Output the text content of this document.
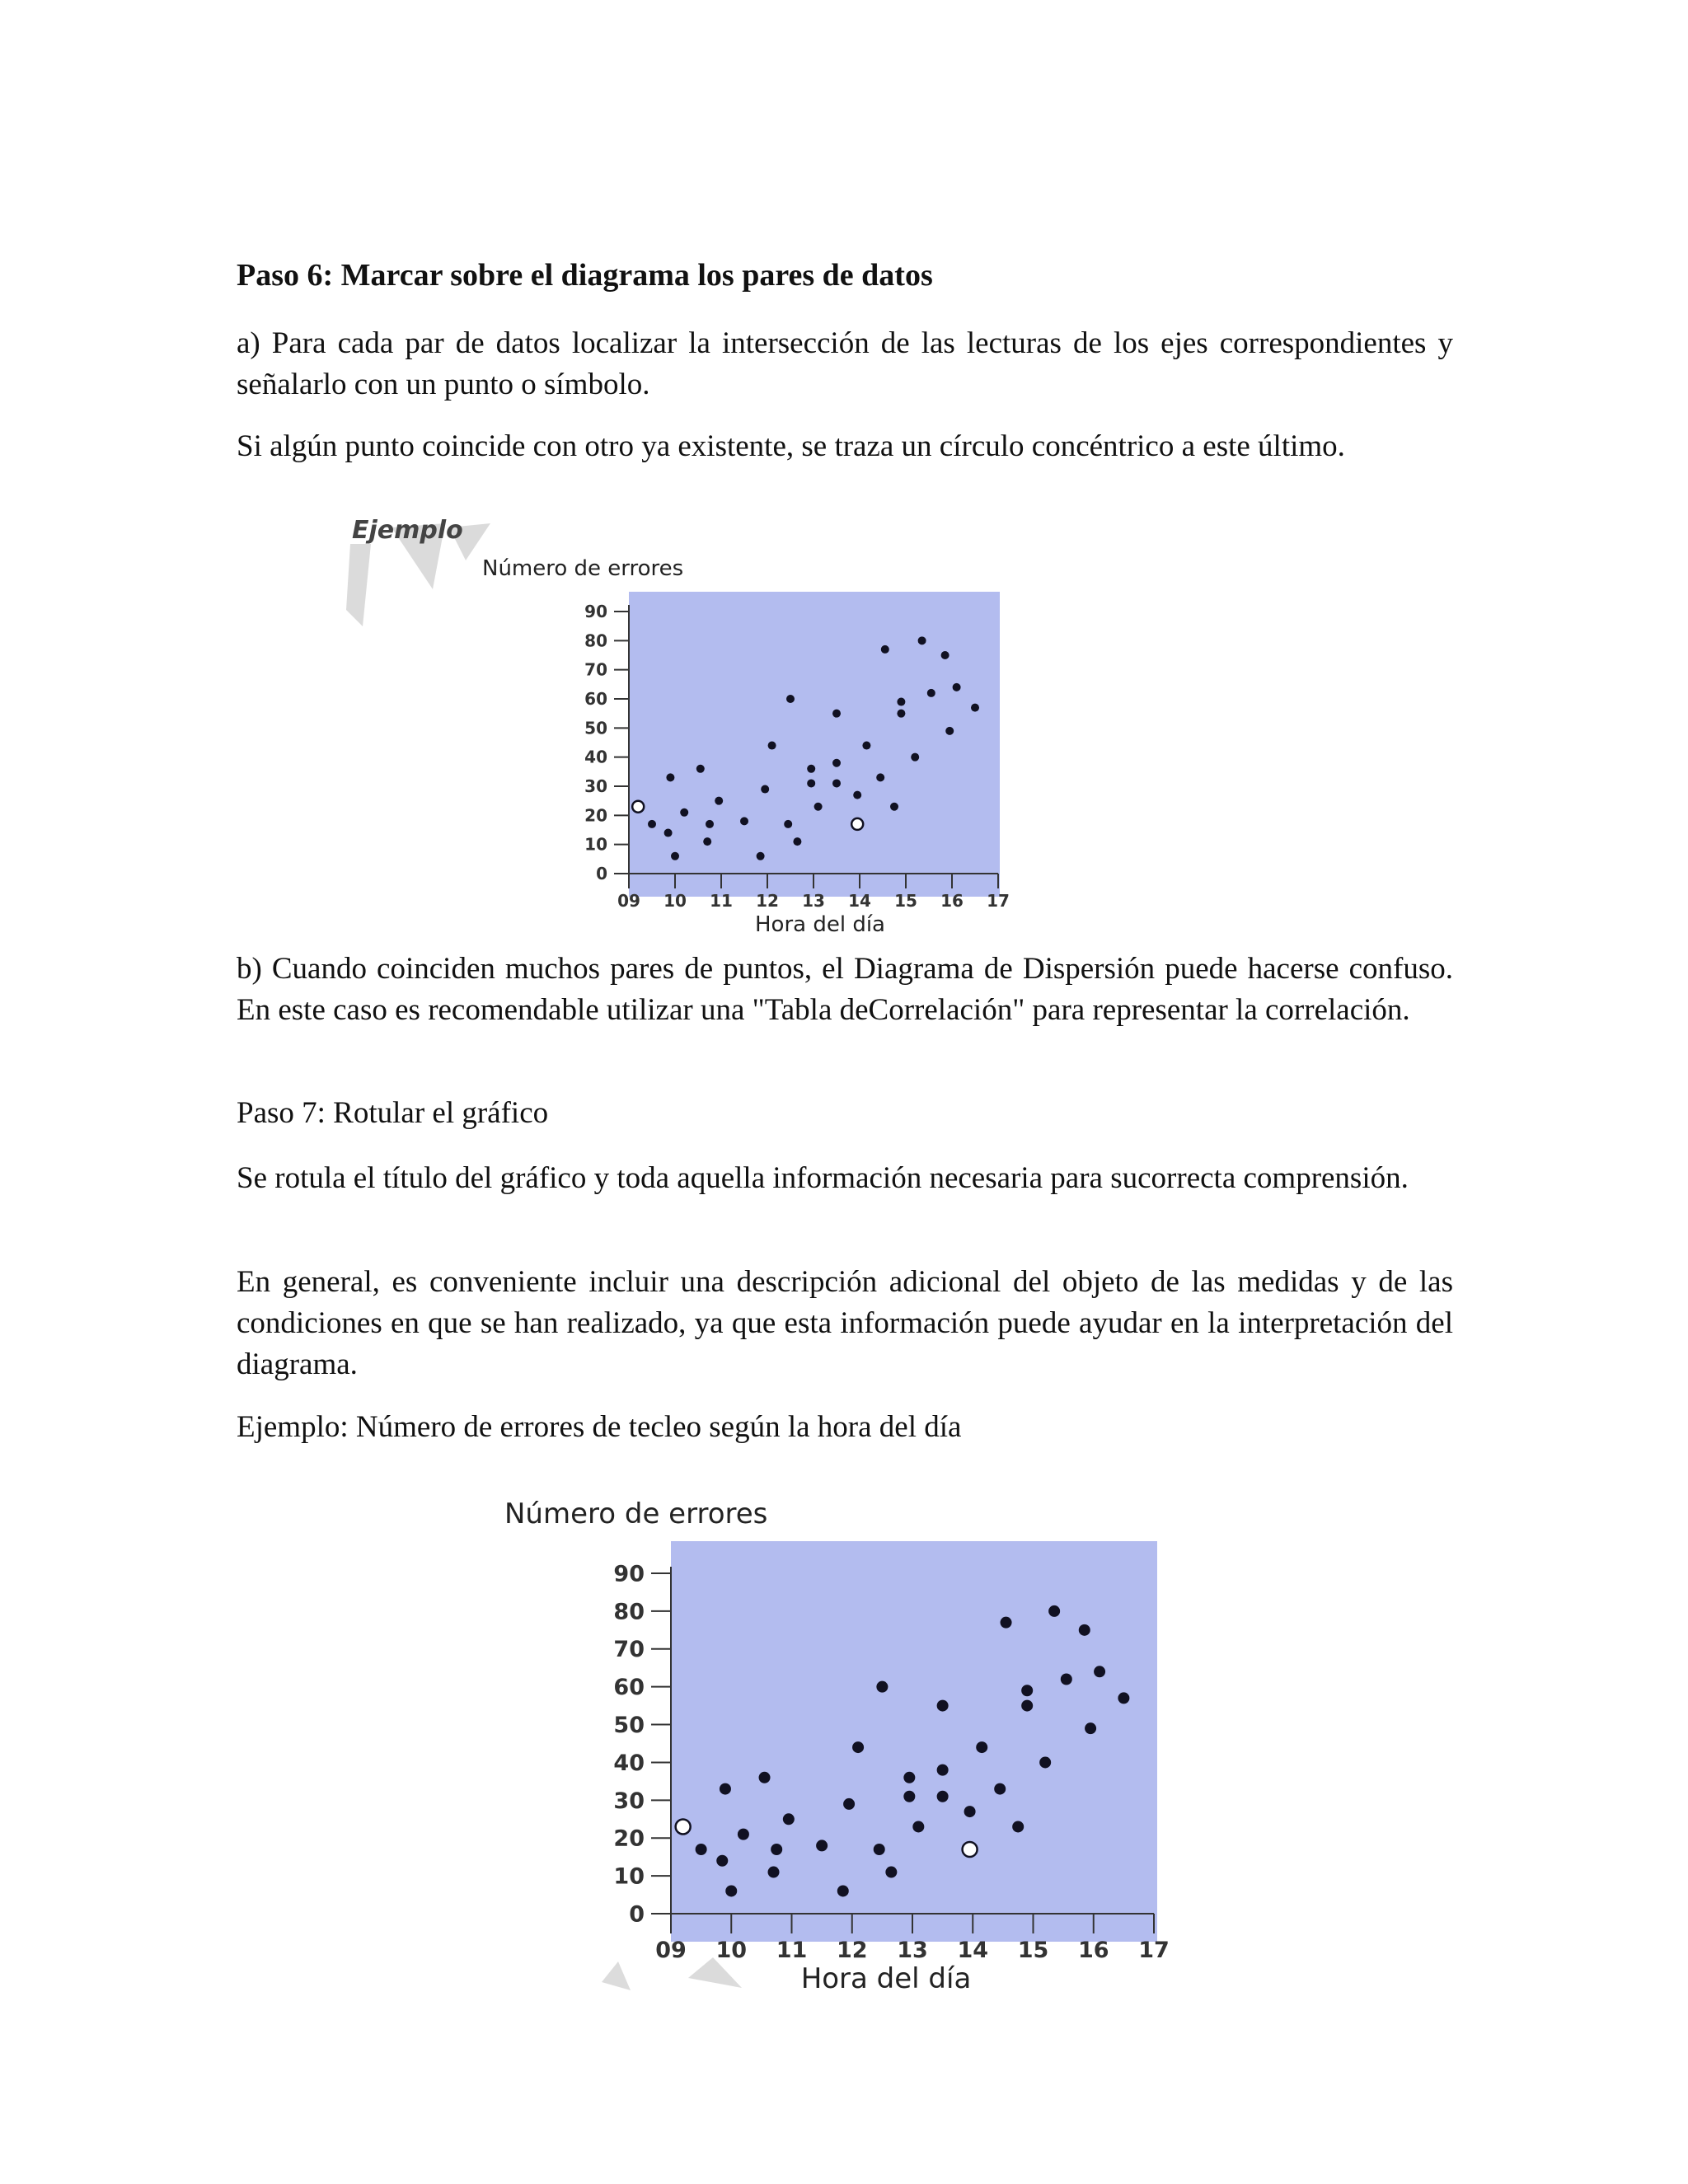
Paso 6: Marcar sobre el diagrama los pares de datos

a) Para cada par de datos localizar la intersección de las lecturas de los ejes correspondientes y señalarlo con un punto o símbolo.

Si algún punto coincide con otro ya existente, se traza un círculo concéntrico a este último.

b) Cuando coinciden muchos pares de puntos, el Diagrama de Dispersión puede hacerse confuso. En este caso es recomendable utilizar una "Tabla deCorrelación" para representar la correlación.

Paso 7: Rotular el gráfico

Se rotula el título del gráfico y toda aquella información necesaria para sucorrecta comprensión.

En general, es conveniente incluir una descripción adicional del objeto de las medidas y de las condiciones en que se han realizado, ya que esta información puede ayudar en la interpretación del diagrama.

Ejemplo: Número de errores de tecleo según la hora del día

Ejemplo
0
10
20
30
40
50
60
70
80
90
09 10 11 12 13 14 15 16 17
Número de errores
Hora del día
0
10
20
30
40
50
60
70
80
90
09 10 11 12 13 14 15 16 17
Número de errores
Hora del día
